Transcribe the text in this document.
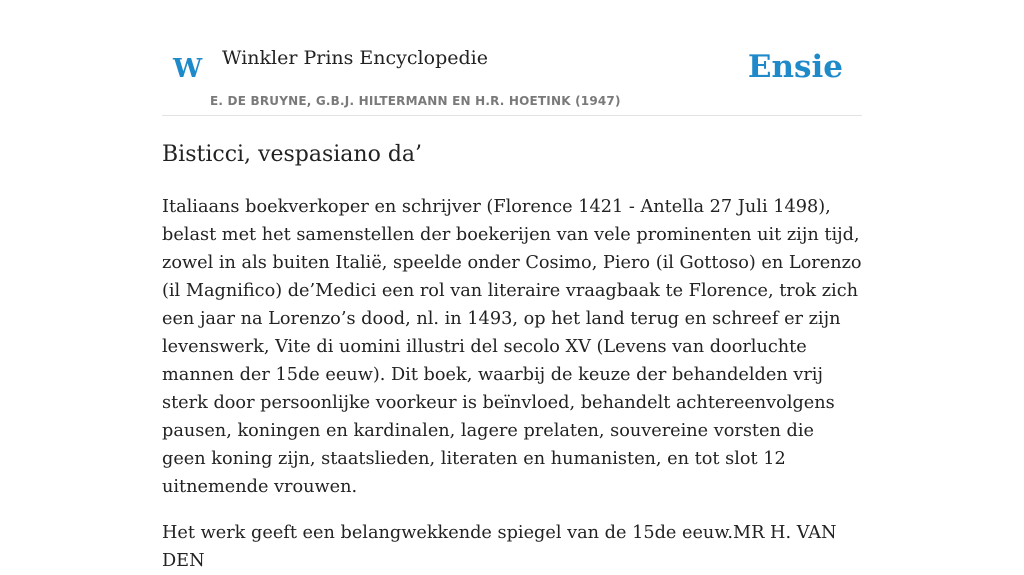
W Winkler Prins Encyclopedie	Ensie
E. DE BRUYNE, G.B.J. HILTERMANN EN H.R. HOETINK (1947)
Bisticci, vespasiano da’

Italiaans boekverkoper en schrijver (Florence 1421 - Antella 27 Juli 1498), belast met het samenstellen der boekerijen van vele prominenten uit zijn tijd, zowel in als buiten Italië, speelde onder Cosimo, Piero (il Gottoso) en Lorenzo (il Magnifico) de’Medici een rol van literaire vraagbaak te Florence, trok zich een jaar na Lorenzo’s dood, nl. in 1493, op het land terug en schreef er zijn levenswerk, Vite di uomini illustri del secolo XV (Levens van doorluchte mannen der 15de eeuw). Dit boek, waarbij de keuze der behandelden vrij sterk door persoonlijke voorkeur is beïnvloed, behandelt achtereenvolgens pausen, koningen en kardinalen, lagere prelaten, souvereine vorsten die geen koning zijn, staatslieden, literaten en humanisten, en tot slot 12 uitnemende vrouwen.

Het werk geeft een belangwekkende spiegel van de 15de eeuw.MR H. VAN DEN
